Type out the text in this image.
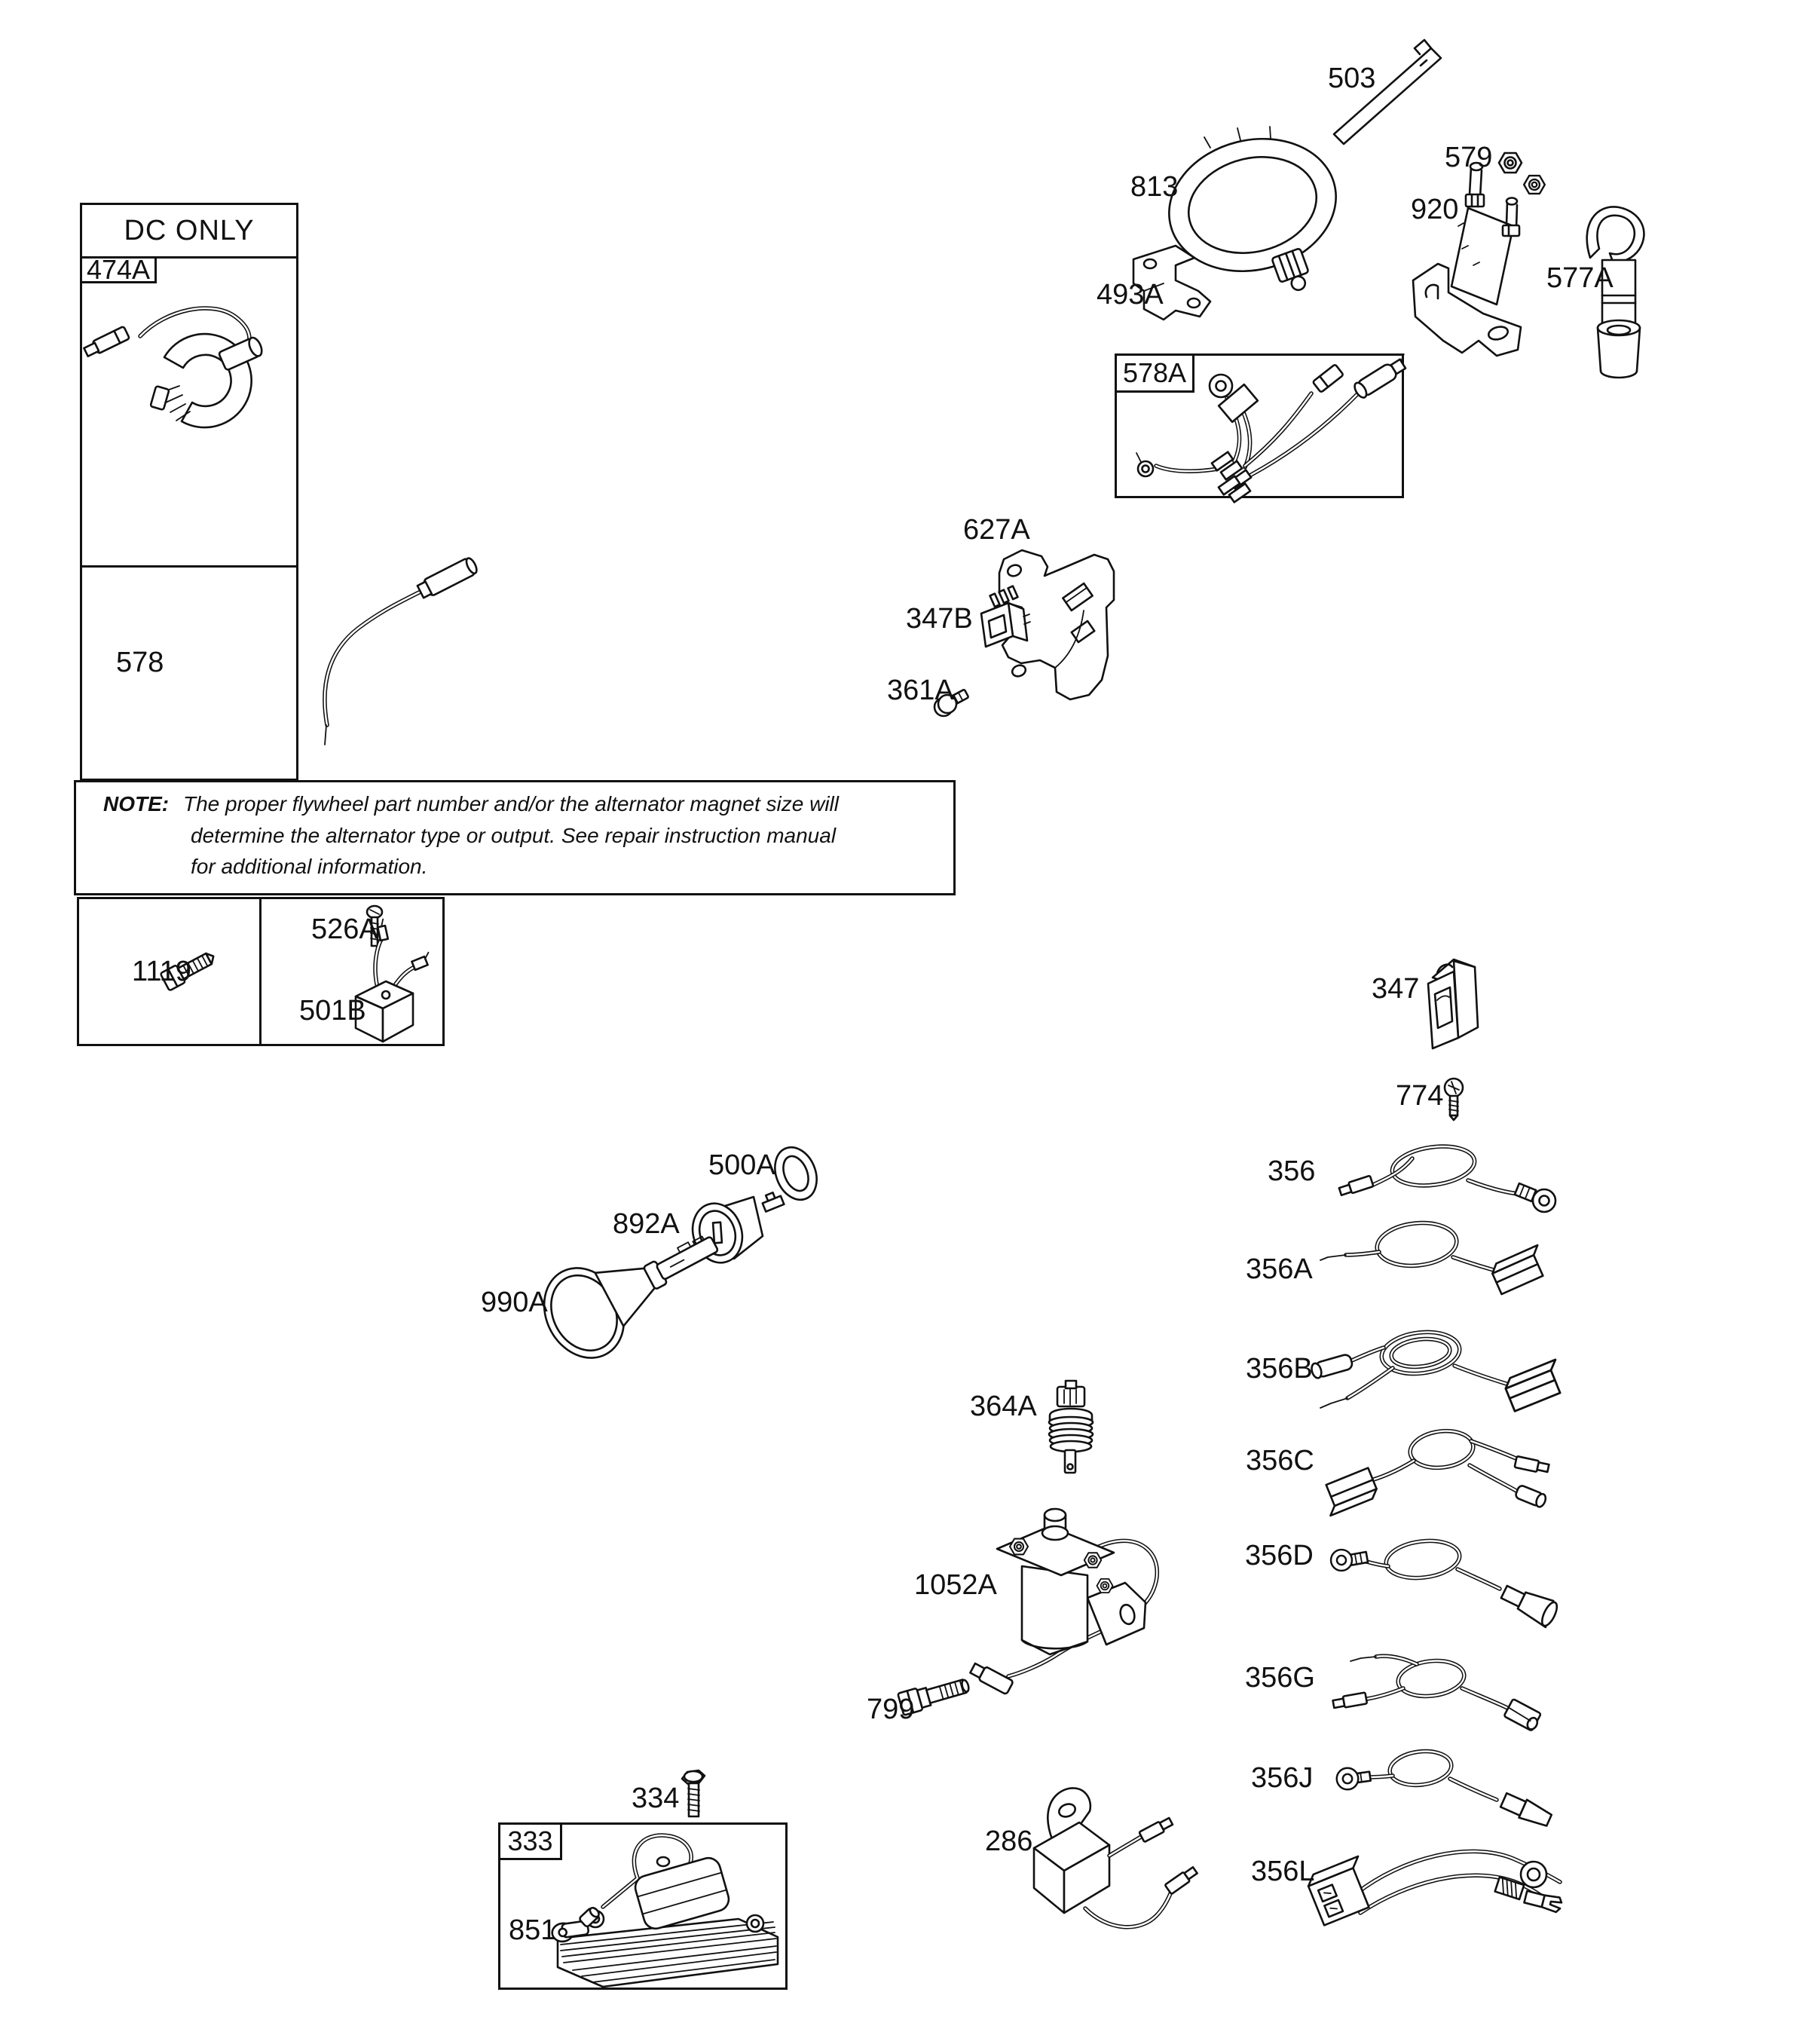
474A
578A
333
DC ONLY
NOTE: The proper flywheel part number and/or the alternator magnet size will
determine the alternator type or output. See repair instruction manual
for additional information.
578
503
813
579
920
493A
577A
627A
347B
361A
1119
526A
501B
347
774
356
500A
892A
990A
356A
356B
356C
356D
364A
1052A
356G
799
356J
286
356L
334
851
